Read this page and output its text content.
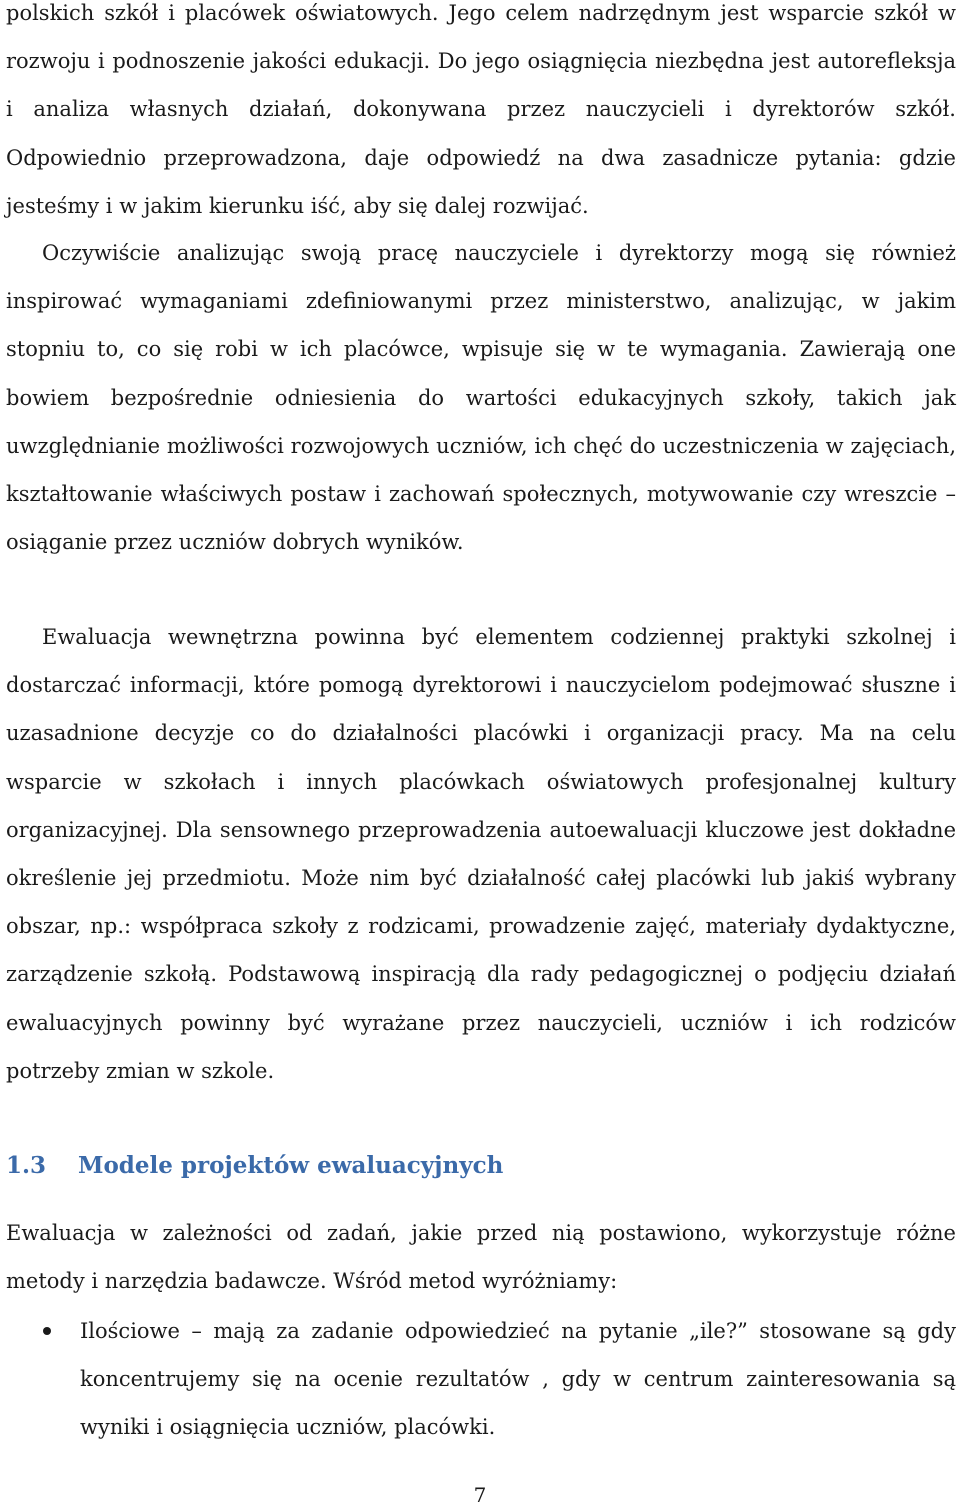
polskich szkół i placówek oświatowych. Jego celem nadrzędnym jest wsparcie szkół w rozwoju i podnoszenie jakości edukacji. Do jego osiągnięcia niezbędna jest autorefleksja i analiza własnych działań, dokonywana przez nauczycieli i dyrektorów szkół. Odpowiednio przeprowadzona, daje odpowiedź na dwa zasadnicze pytania: gdzie jesteśmy i w jakim kierunku iść, aby się dalej rozwijać.

Oczywiście analizując swoją pracę nauczyciele i dyrektorzy mogą się również inspirować wymaganiami zdefiniowanymi przez ministerstwo, analizując, w jakim stopniu to, co się robi w ich placówce, wpisuje się w te wymagania. Zawierają one bowiem bezpośrednie odniesienia do wartości edukacyjnych szkoły, takich jak uwzględnianie możliwości rozwojowych uczniów, ich chęć do uczestniczenia w zajęciach, kształtowanie właściwych postaw i zachowań społecznych, motywowanie czy wreszcie – osiąganie przez uczniów dobrych wyników.

Ewaluacja wewnętrzna powinna być elementem codziennej praktyki szkolnej i dostarczać informacji, które pomogą dyrektorowi i nauczycielom podejmować słuszne i uzasadnione decyzje co do działalności placówki i organizacji pracy. Ma na celu wsparcie w szkołach i innych placówkach oświatowych profesjonalnej kultury organizacyjnej. Dla sensownego przeprowadzenia autoewaluacji kluczowe jest dokładne określenie jej przedmiotu. Może nim być działalność całej placówki lub jakiś wybrany obszar, np.: współpraca szkoły z rodzicami, prowadzenie zajęć, materiały dydaktyczne, zarządzenie szkołą. Podstawową inspiracją dla rady pedagogicznej o podjęciu działań ewaluacyjnych powinny być wyrażane przez nauczycieli, uczniów i ich rodziców potrzeby zmian w szkole.

1.3 Modele projektów ewaluacyjnych

Ewaluacja w zależności od zadań, jakie przed nią postawiono, wykorzystuje różne metody i narzędzia badawcze. Wśród metod wyróżniamy:

Ilościowe – mają za zadanie odpowiedzieć na pytanie „ile?” stosowane są gdy koncentrujemy się na ocenie rezultatów , gdy w centrum zainteresowania są wyniki i osiągnięcia uczniów, placówki.
7
